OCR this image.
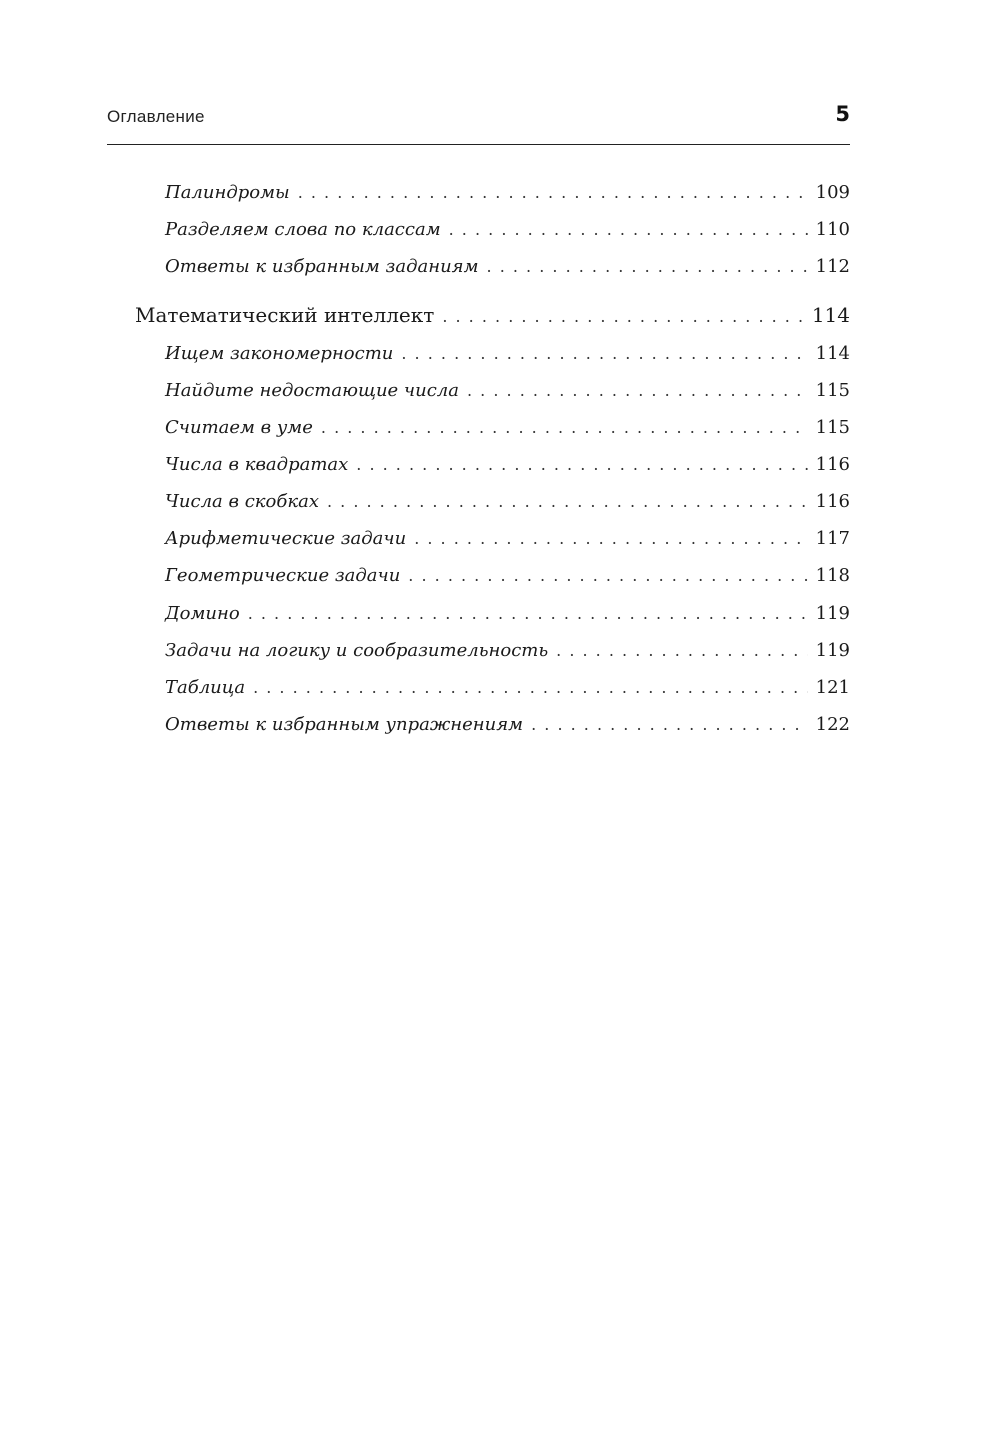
Оглавление	5
Палиндромы . . .	109
Разделяем слова по классам . . .	110
Ответы к избранным заданиям . . .	112
Математический интеллект . . .	114
Ищем закономерности . . .	114
Найдите недостающие числа . . .	115
Считаем в уме . . .	115
Числа в квадратах . . .	116
Числа в скобках . . .	116
Арифметические задачи . . .	117
Геометрические задачи . . .	118
Домино . . .	119
Задачи на логику и сообразительность . . .	119
Таблица . . .	121
Ответы к избранным упражнениям . . .	122
